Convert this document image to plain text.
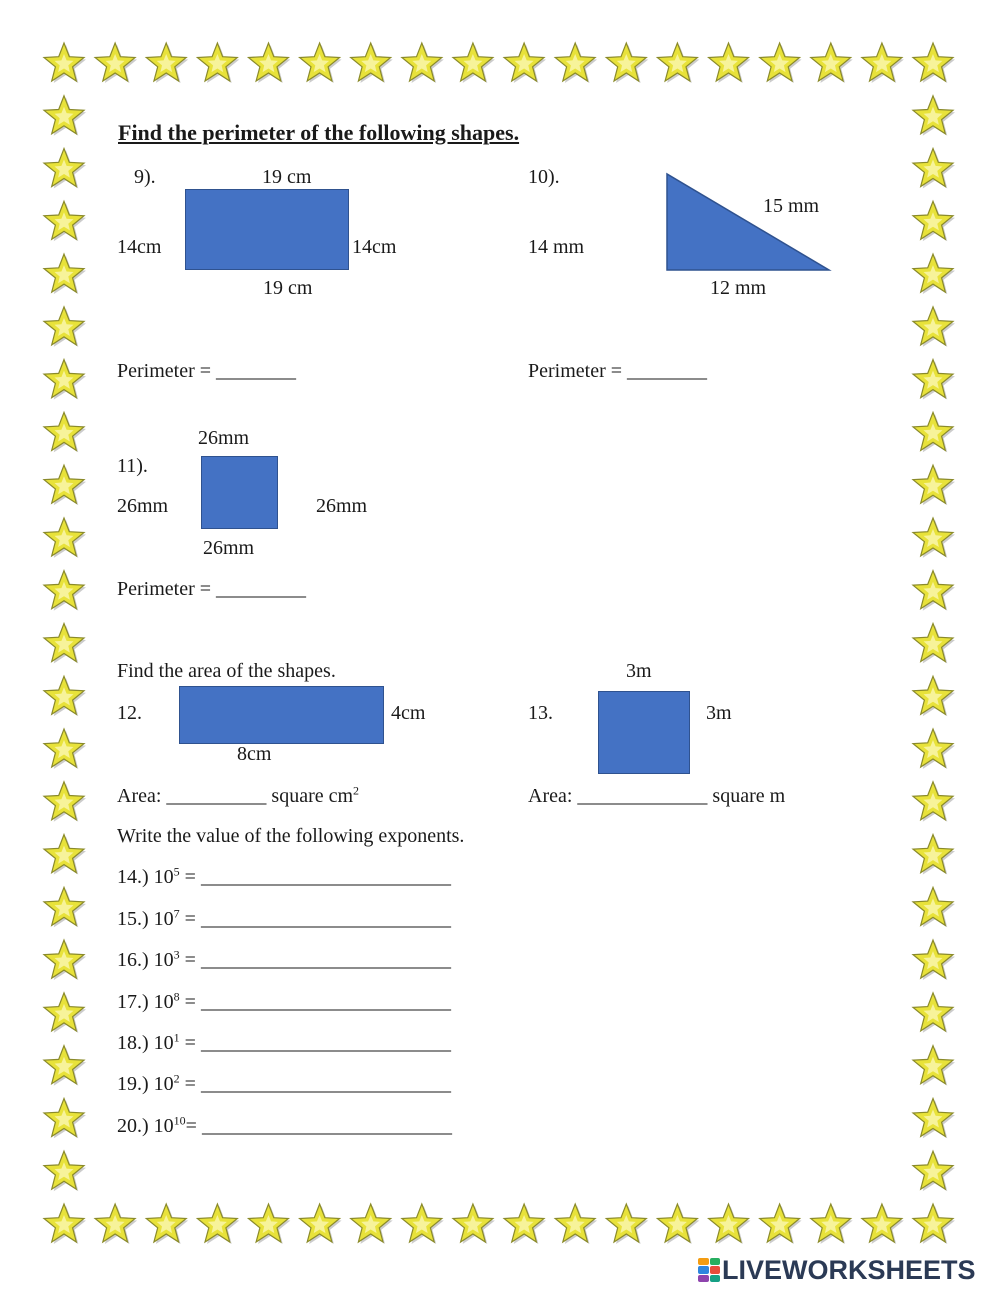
Find the perimeter of the following shapes.
9).	19 cm
14cm	14cm
19 cm
Perimeter = ________
10).
15 mm
14 mm
12 mm
Perimeter = ________
26mm
11).
26mm	26mm
26mm
Perimeter = _________
Find the area of the shapes.
12.	4cm
8cm
Area: __________ square $cm^2$
3m
13.	3m
Area: _____________ square m
Write the value of the following exponents.
14.) $10^5$ = _________________________
15.) $10^7$ = _________________________
16.) $10^3$ = _________________________
17.) $10^8$ = _________________________
18.) $10^1$ = _________________________
19.) $10^2$ = _________________________
20.) $10^{10}=$ _________________________
LIVEWORKSHEETS
